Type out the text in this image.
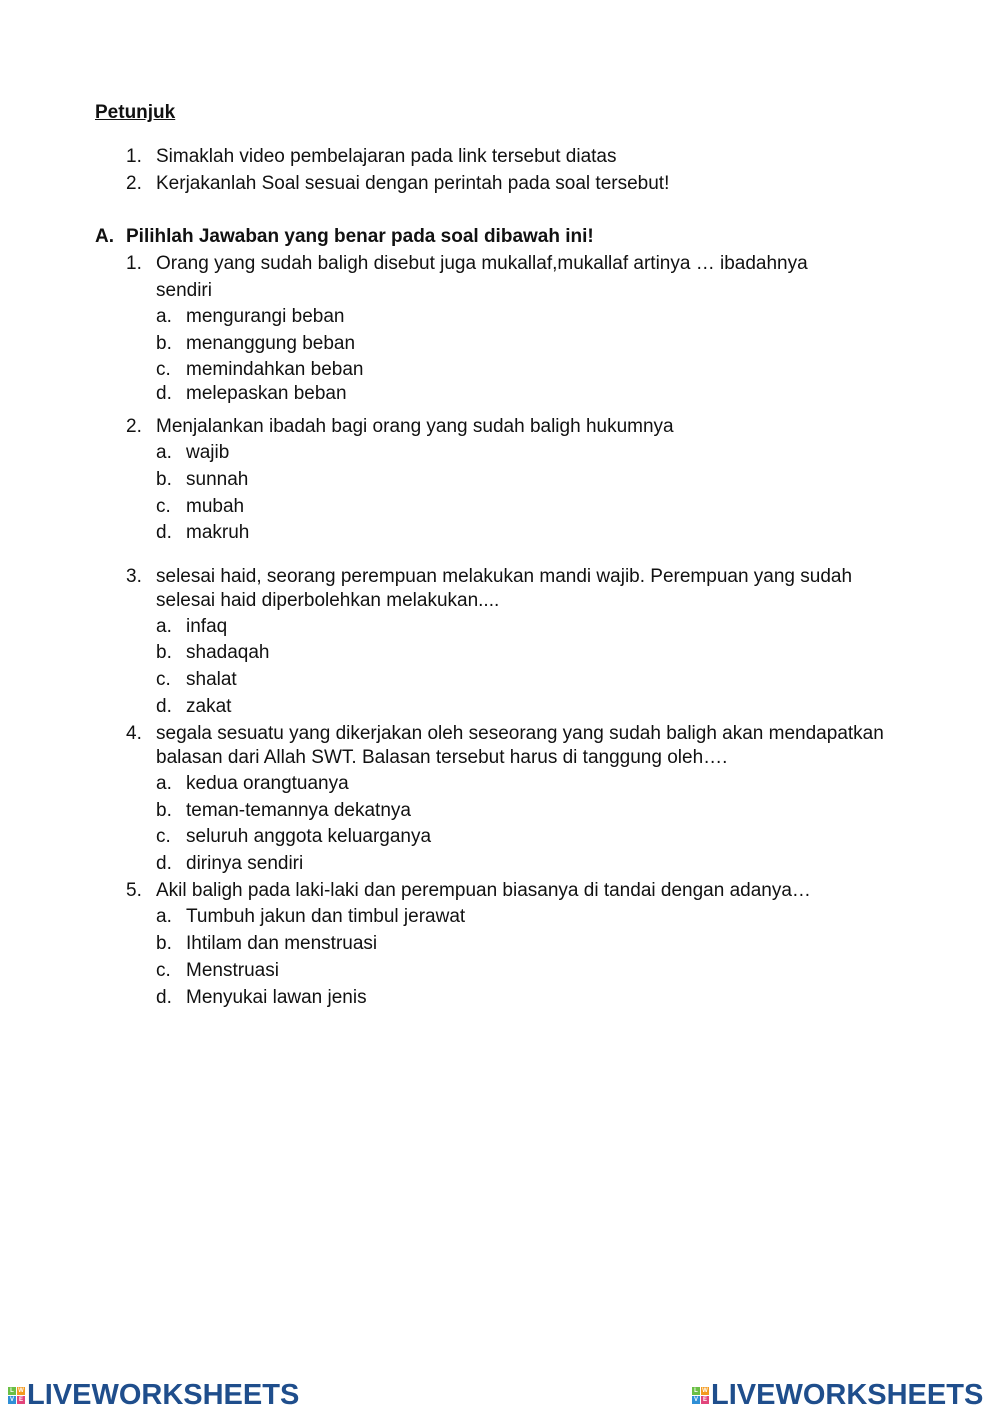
Petunjuk
1. Simaklah video pembelajaran pada link tersebut diatas
2. Kerjakanlah Soal sesuai dengan perintah pada soal tersebut!
A. Pilihlah Jawaban yang benar pada soal dibawah ini!
1. Orang yang sudah baligh disebut juga mukallaf,mukallaf artinya … ibadahnya
sendiri
a. mengurangi beban
b. menanggung beban
c. memindahkan beban
d. melepaskan beban
2. Menjalankan ibadah bagi orang yang sudah baligh hukumnya
a. wajib
b. sunnah
c. mubah
d. makruh
3. selesai haid, seorang perempuan melakukan mandi wajib. Perempuan yang sudah
selesai haid diperbolehkan melakukan....
a. infaq
b. shadaqah
c. shalat
d. zakat
4. segala sesuatu yang dikerjakan oleh seseorang yang sudah baligh akan mendapatkan
balasan dari Allah SWT. Balasan tersebut harus di tanggung oleh….
a. kedua orangtuanya
b. teman-temannya dekatnya
c. seluruh anggota keluarganya
d. dirinya sendiri
5. Akil baligh pada laki-laki dan perempuan biasanya di tandai dengan adanya…
a. Tumbuh jakun dan timbul jerawat
b. Ihtilam dan menstruasi
c. Menstruasi
d. Menyukai lawan jenis
L W
V E LIVEWORKSHEETS	L W
V E LIVEWORKSHEETS
